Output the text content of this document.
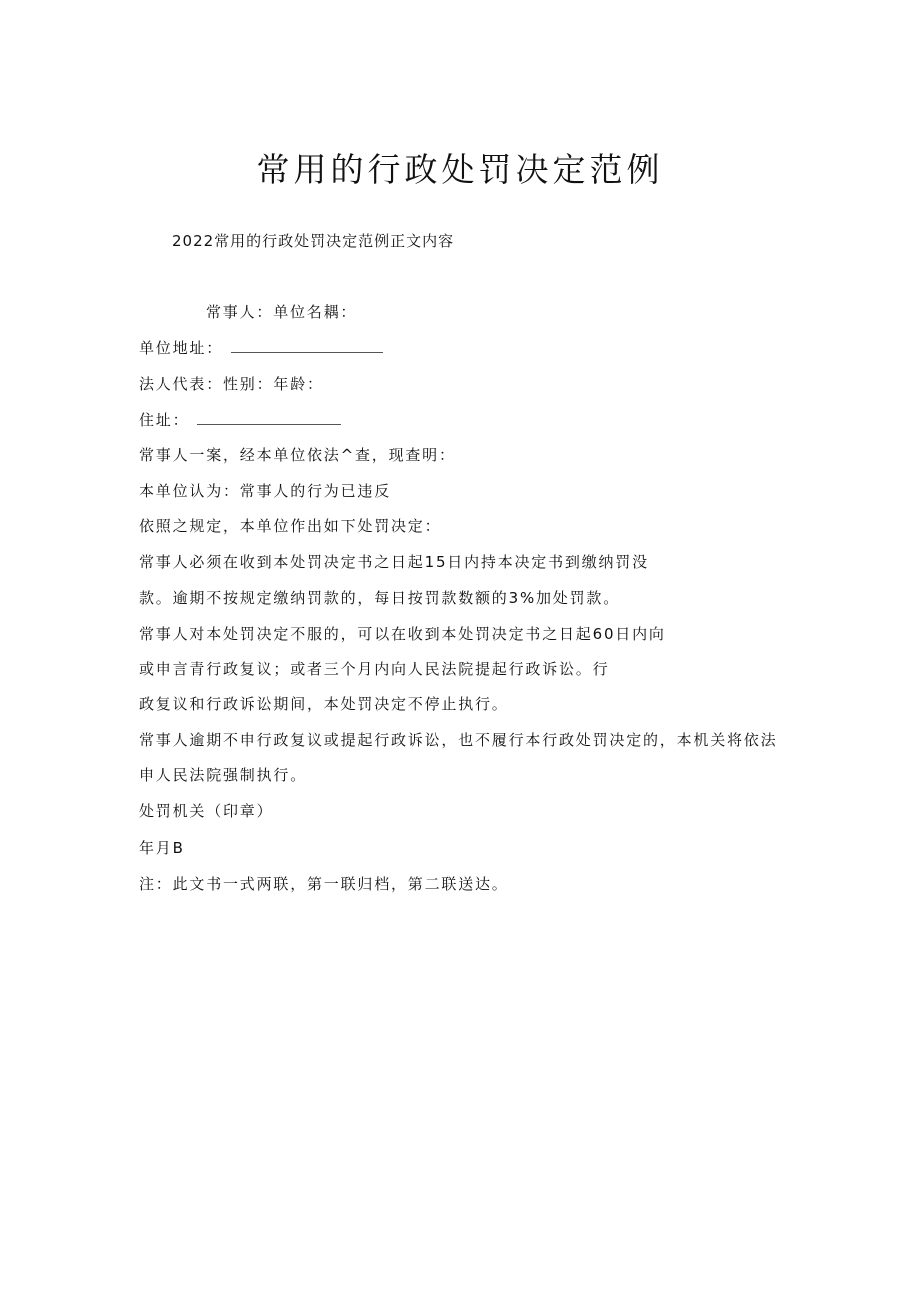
常用的行政处罚决定范例
2022常用的行政处罚决定范例正文内容
常事人：单位名耦：
单位地址：
法人代表：性别：年龄：
住址：
常事人一案，经本单位依法^查，现查明：
本单位认为：常事人的行为已违反
依照之规定，本单位作出如下处罚决定：
常事人必须在收到本处罚决定书之日起15日内持本决定书到缴纳罚没
款。逾期不按规定缴纳罚款的，每日按罚款数额的3%加处罚款。
常事人对本处罚决定不服的，可以在收到本处罚决定书之日起60日内向
或申言青行政复议；或者三个月内向人民法院提起行政诉讼。行
政复议和行政诉讼期间，本处罚决定不停止执行。
常事人逾期不申行政复议或提起行政诉讼，也不履行本行政处罚决定的，本机关将依法
申人民法院强制执行。
处罚机关（印章）
年月B
注：此文书一式两联，第一联归档，第二联送达。
